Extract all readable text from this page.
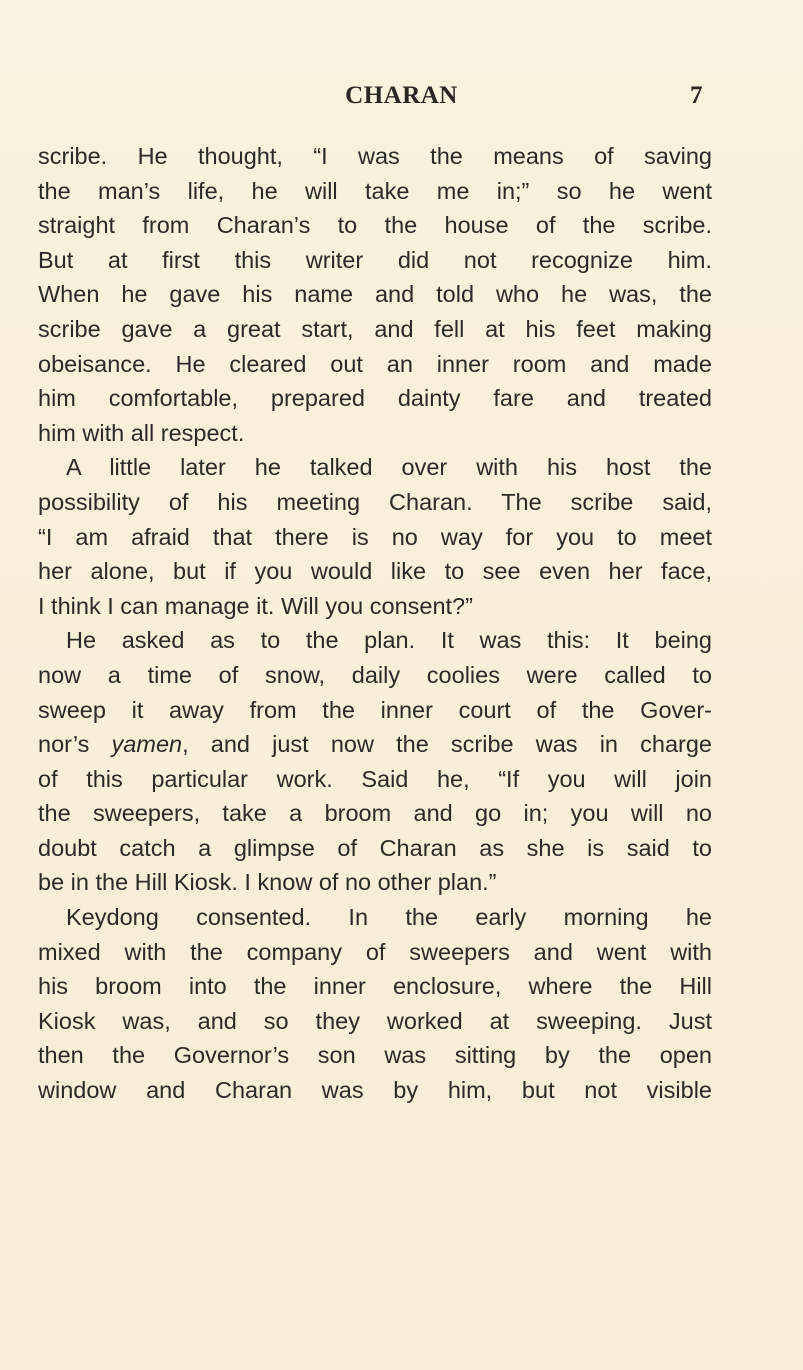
CHARAN	7
scribe. He thought, “I was the means of saving
the man’s life, he will take me in;” so he went
straight from Charan’s to the house of the scribe.
But at first this writer did not recognize him.
When he gave his name and told who he was, the
scribe gave a great start, and fell at his feet making
obeisance. He cleared out an inner room and made
him comfortable, prepared dainty fare and treated
him with all respect.
A little later he talked over with his host the
possibility of his meeting Charan. The scribe said,
“I am afraid that there is no way for you to meet
her alone, but if you would like to see even her face,
I think I can manage it. Will you consent?”
He asked as to the plan. It was this: It being
now a time of snow, daily coolies were called to
sweep it away from the inner court of the Gover-
nor’s yamen, and just now the scribe was in charge
of this particular work. Said he, “If you will join
the sweepers, take a broom and go in; you will no
doubt catch a glimpse of Charan as she is said to
be in the Hill Kiosk. I know of no other plan.”
Keydong consented. In the early morning he
mixed with the company of sweepers and went with
his broom into the inner enclosure, where the Hill
Kiosk was, and so they worked at sweeping. Just
then the Governor’s son was sitting by the open
window and Charan was by him, but not visible
